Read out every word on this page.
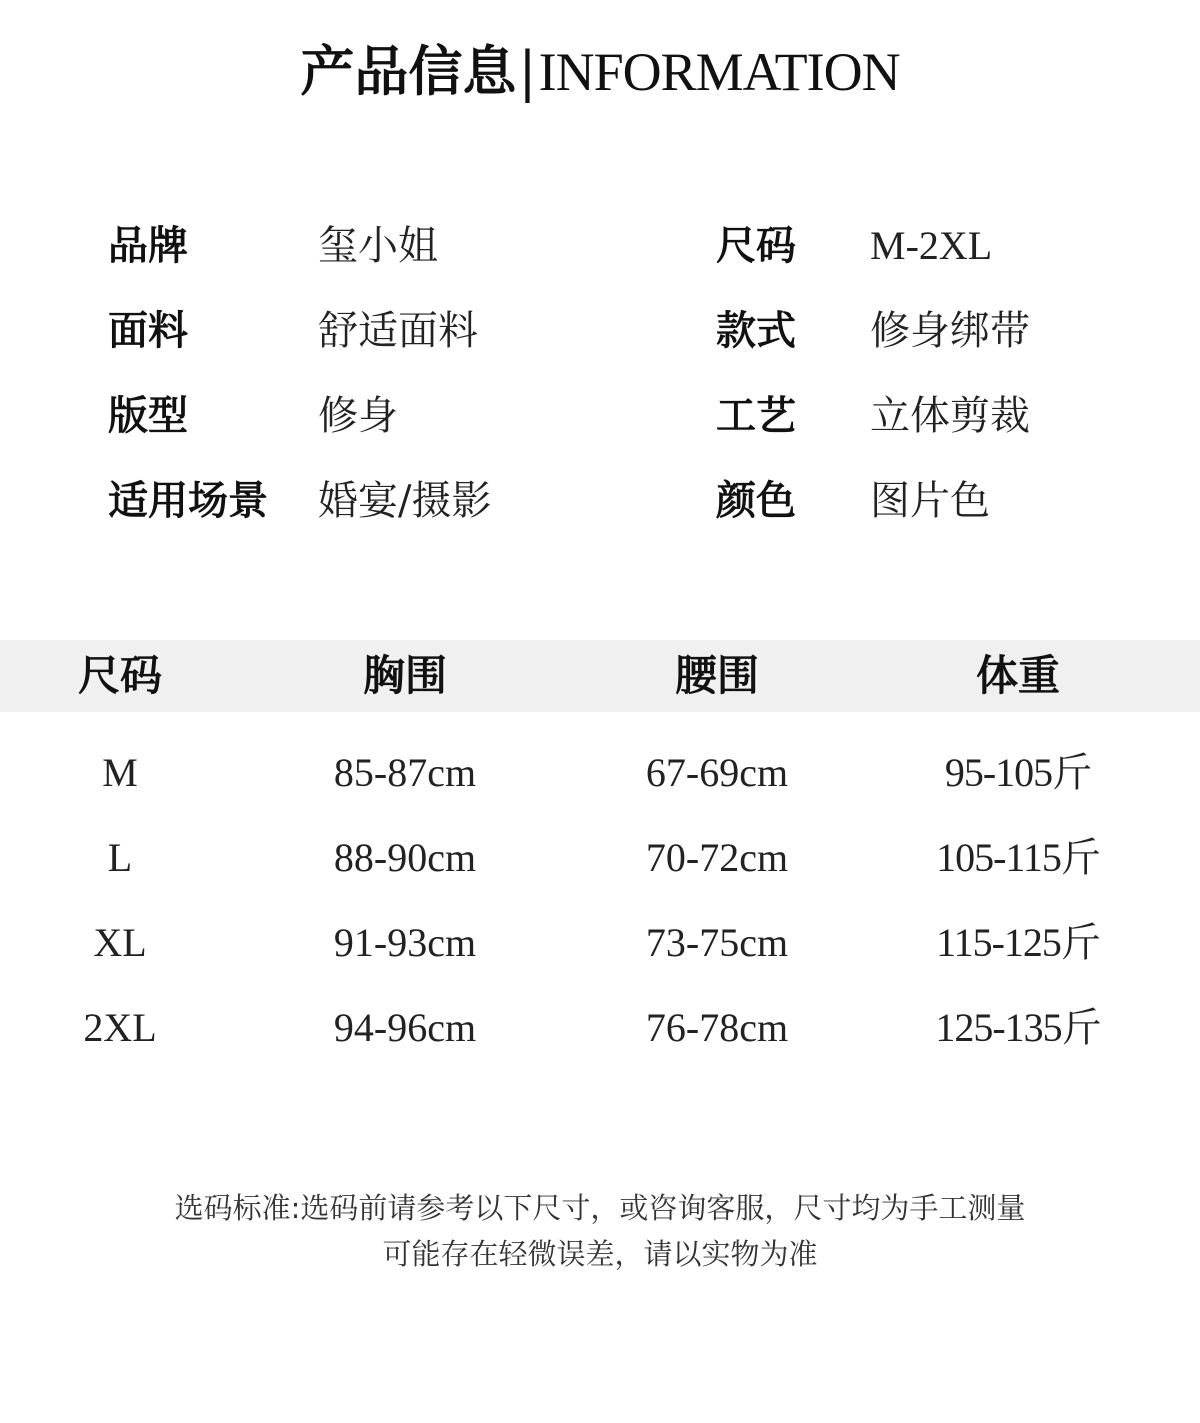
产品信息|INFORMATION
品牌	玺小姐
面料	舒适面料
版型	修身
适用场景 婚宴/摄影
尺码 M-2XL
款式 修身绑带
工艺 立体剪裁
颜色 图片色
尺码	胸围	腰围	体重
M	85-87cm	67-69cm	95-105斤
L	88-90cm	70-72cm	105-115斤
XL	91-93cm	73-75cm	115-125斤
2XL	94-96cm	76-78cm	125-135斤
选码标准:选码前请参考以下尺寸，或咨询客服，尺寸均为手工测量
可能存在轻微误差，请以实物为准
